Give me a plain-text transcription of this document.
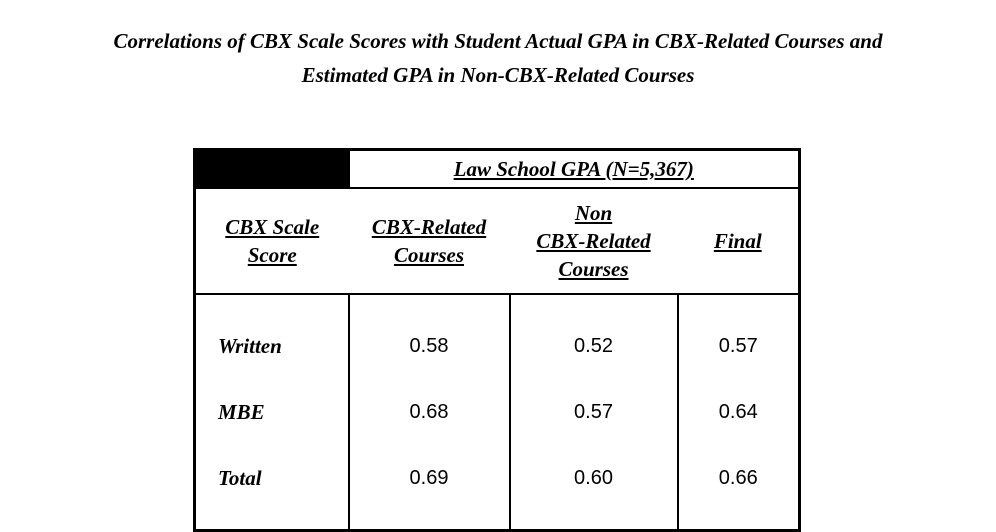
Correlations of CBX Scale Scores with Student Actual GPA in CBX-Related Courses and
Estimated GPA in Non-CBX-Related Courses
	Law School GPA (N=5,367)		
CBX Scale
Score	CBX-Related
Courses	Non
CBX-Related
Courses	Final
Written	0.58	0.52	0.57
MBE	0.68	0.57	0.64
Total	0.69	0.60	0.66
